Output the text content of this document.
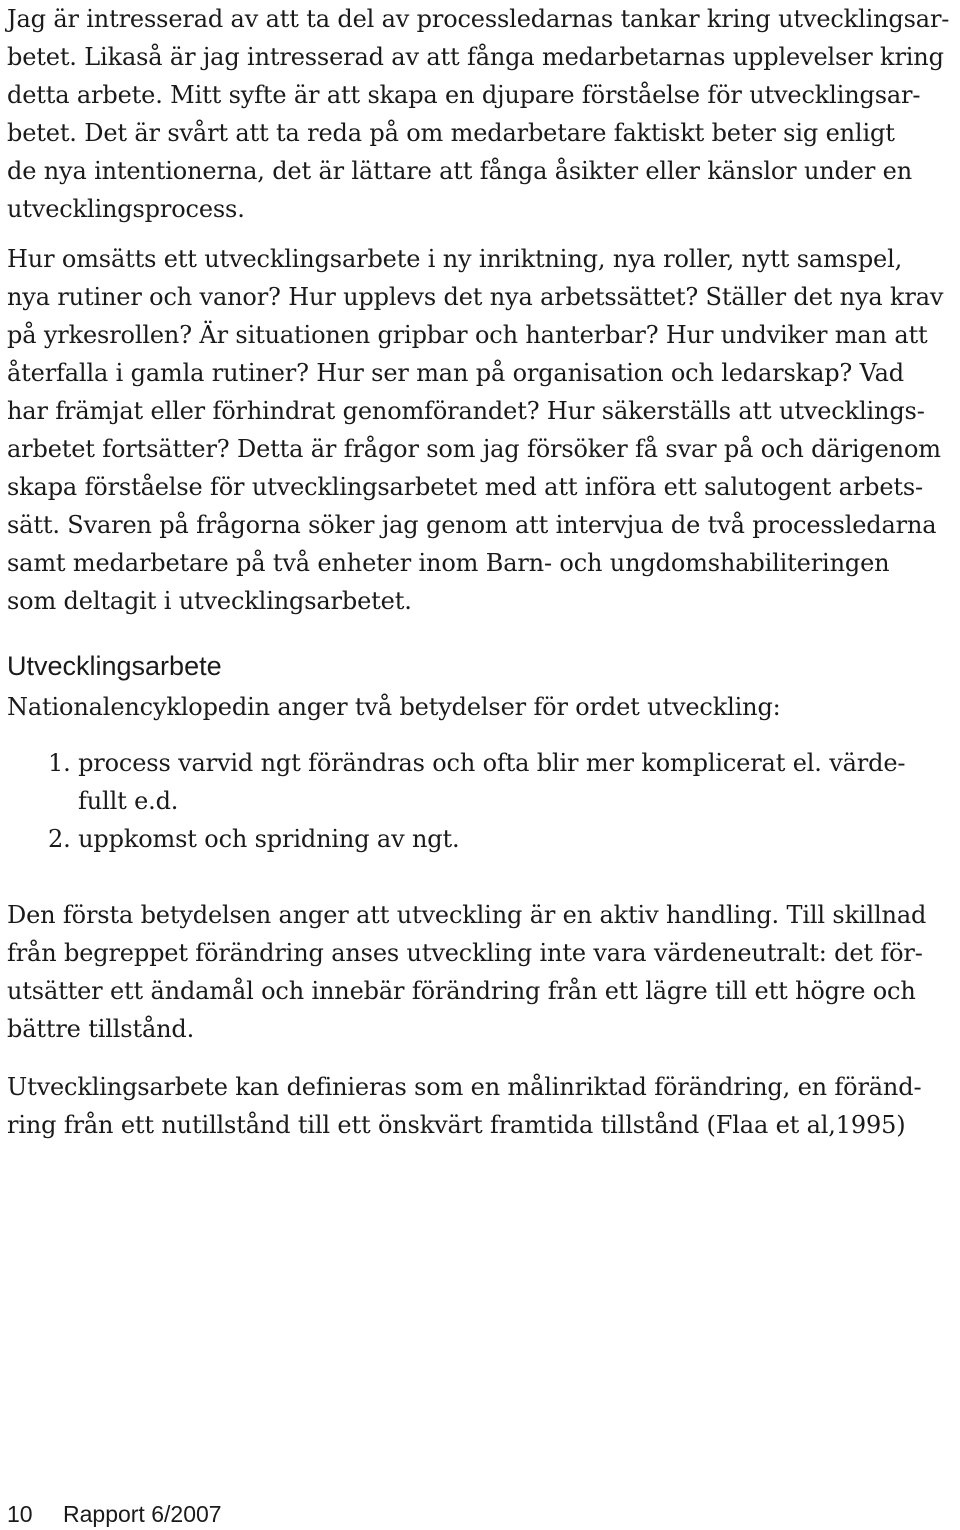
Jag är intresserad av att ta del av processledarnas tankar kring utvecklingsar-
betet. Likaså är jag intresserad av att fånga medarbetarnas upplevelser kring
detta arbete. Mitt syfte är att skapa en djupare förståelse för utvecklingsar-
betet. Det är svårt att ta reda på om medarbetare faktiskt beter sig enligt
de nya intentionerna, det är lättare att fånga åsikter eller känslor under en
utvecklingsprocess.

Hur omsätts ett utvecklingsarbete i ny inriktning, nya roller, nytt samspel,
nya rutiner och vanor? Hur upplevs det nya arbetssättet? Ställer det nya krav
på yrkesrollen? Är situationen gripbar och hanterbar? Hur undviker man att
återfalla i gamla rutiner? Hur ser man på organisation och ledarskap? Vad
har främjat eller förhindrat genomförandet? Hur säkerställs att utvecklings-
arbetet fortsätter? Detta är frågor som jag försöker få svar på och därigenom
skapa förståelse för utvecklingsarbetet med att införa ett salutogent arbets-
sätt. Svaren på frågorna söker jag genom att intervjua de två processledarna
samt medarbetare på två enheter inom Barn- och ungdomshabiliteringen
som deltagit i utvecklingsarbetet.

Utvecklingsarbete

Nationalencyklopedin anger två betydelser för ordet utveckling:

1. process varvid ngt förändras och ofta blir mer komplicerat el. värde-
fullt e.d.
2. uppkomst och spridning av ngt.

Den första betydelsen anger att utveckling är en aktiv handling. Till skillnad
från begreppet förändring anses utveckling inte vara värdeneutralt: det för-
utsätter ett ändamål och innebär förändring från ett lägre till ett högre och
bättre tillstånd.

Utvecklingsarbete kan definieras som en målinriktad förändring, en föränd-
ring från ett nutillstånd till ett önskvärt framtida tillstånd (Flaa et al,1995)

10 Rapport 6/2007
